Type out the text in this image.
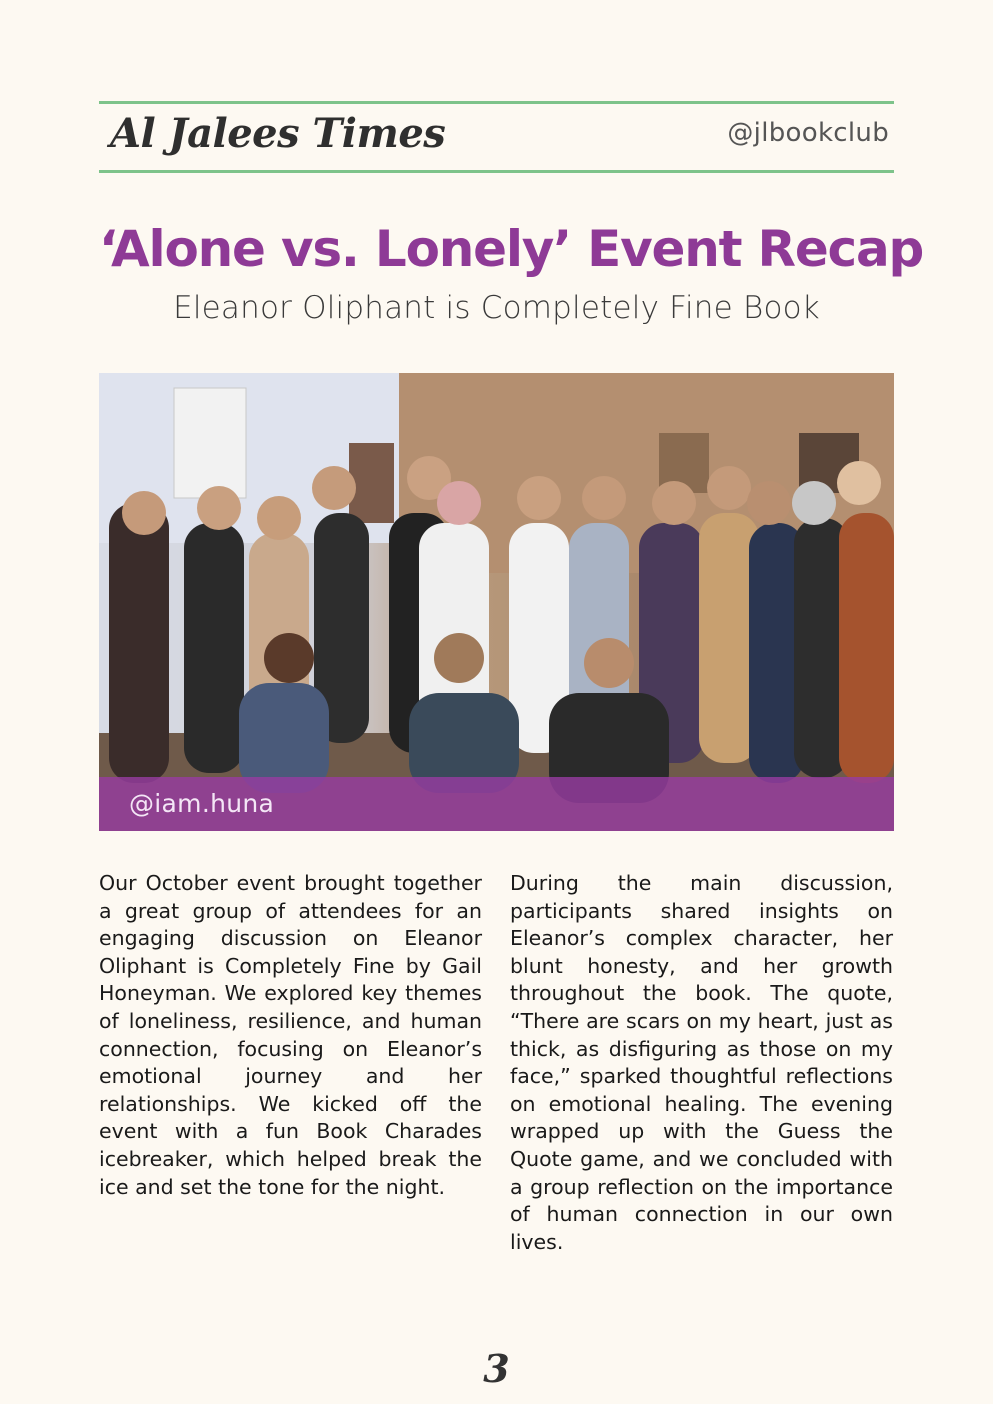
Al Jalees Times	@jlbookclub
‘Alone vs. Lonely’ Event Recap
Eleanor Oliphant is Completely Fine Book
@iam.huna
Our October event brought together a great group of attendees for an engaging discussion on Eleanor Oliphant is Completely Fine by Gail Honeyman. We explored key themes of loneliness, resilience, and human connection, focusing on Eleanor’s emotional journey and her relationships. We kicked off the event with a fun Book Charades icebreaker, which helped break the ice and set the tone for the night.
During the main discussion, participants shared insights on Eleanor’s complex character, her blunt honesty, and her growth throughout the book. The quote, “There are scars on my heart, just as thick, as disfiguring as those on my face,” sparked thoughtful reflections on emotional healing. The evening wrapped up with the Guess the Quote game, and we concluded with a group reflection on the importance of human connection in our own lives.
3
